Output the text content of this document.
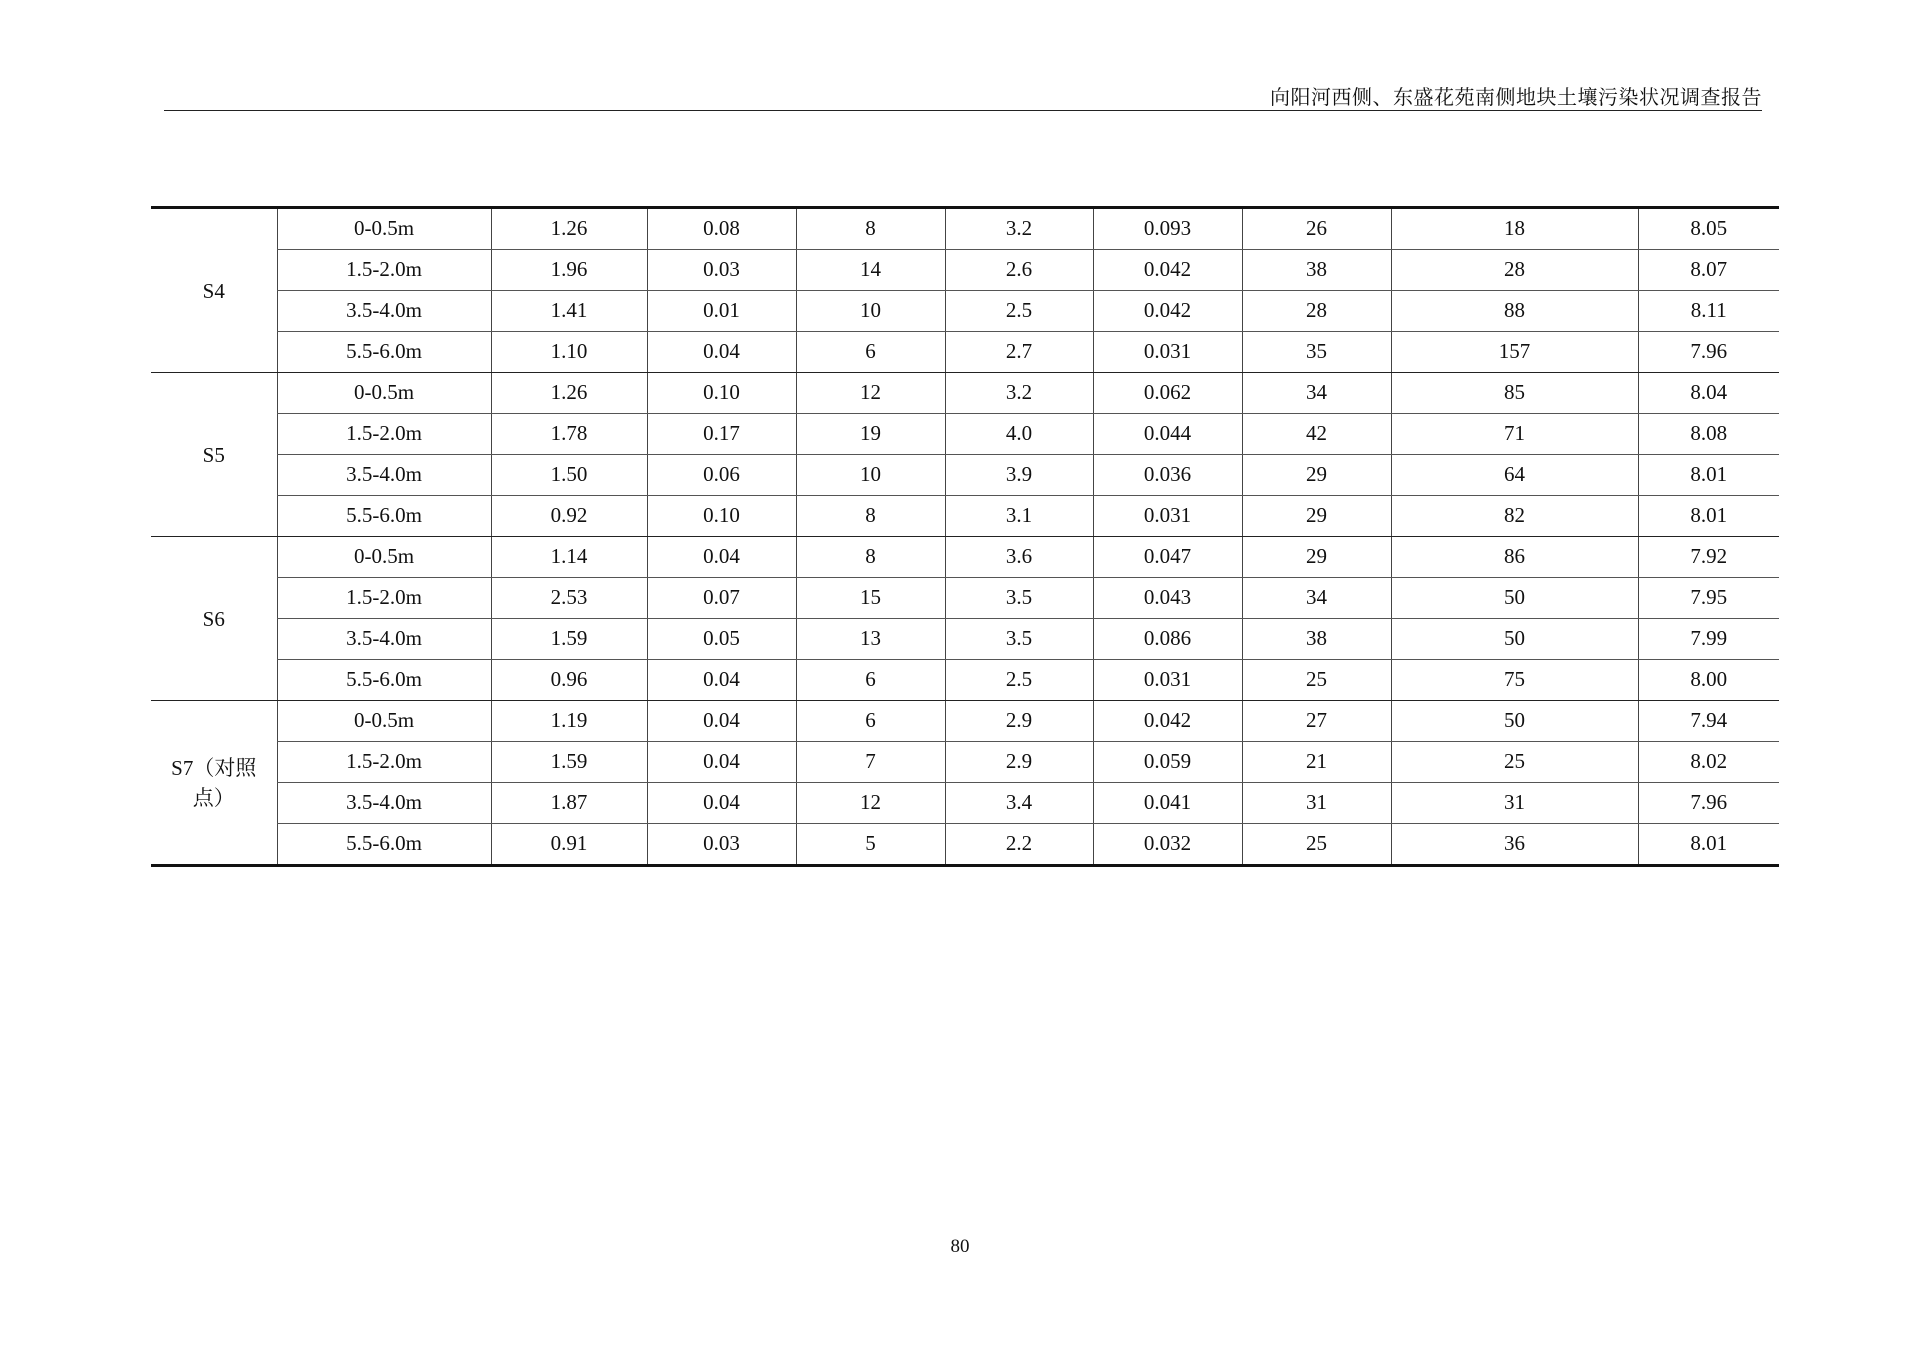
向阳河西侧、东盛花苑南侧地块土壤污染状况调查报告
S4	0-0.5m	1.26	0.08	8	3.2	0.093	26	18	8.05
	1.5-2.0m	1.96	0.03	14	2.6	0.042	38	28	8.07
	3.5-4.0m	1.41	0.01	10	2.5	0.042	28	88	8.11
	5.5-6.0m	1.10	0.04	6	2.7	0.031	35	157	7.96
S5	0-0.5m	1.26	0.10	12	3.2	0.062	34	85	8.04
	1.5-2.0m	1.78	0.17	19	4.0	0.044	42	71	8.08
	3.5-4.0m	1.50	0.06	10	3.9	0.036	29	64	8.01
	5.5-6.0m	0.92	0.10	8	3.1	0.031	29	82	8.01
S6	0-0.5m	1.14	0.04	8	3.6	0.047	29	86	7.92
	1.5-2.0m	2.53	0.07	15	3.5	0.043	34	50	7.95
	3.5-4.0m	1.59	0.05	13	3.5	0.086	38	50	7.99
	5.5-6.0m	0.96	0.04	6	2.5	0.031	25	75	8.00
S7（对照点）	0-0.5m	1.19	0.04	6	2.9	0.042	27	50	7.94
	1.5-2.0m	1.59	0.04	7	2.9	0.059	21	25	8.02
	3.5-4.0m	1.87	0.04	12	3.4	0.041	31	31	7.96
	5.5-6.0m	0.91	0.03	5	2.2	0.032	25	36	8.01
80
